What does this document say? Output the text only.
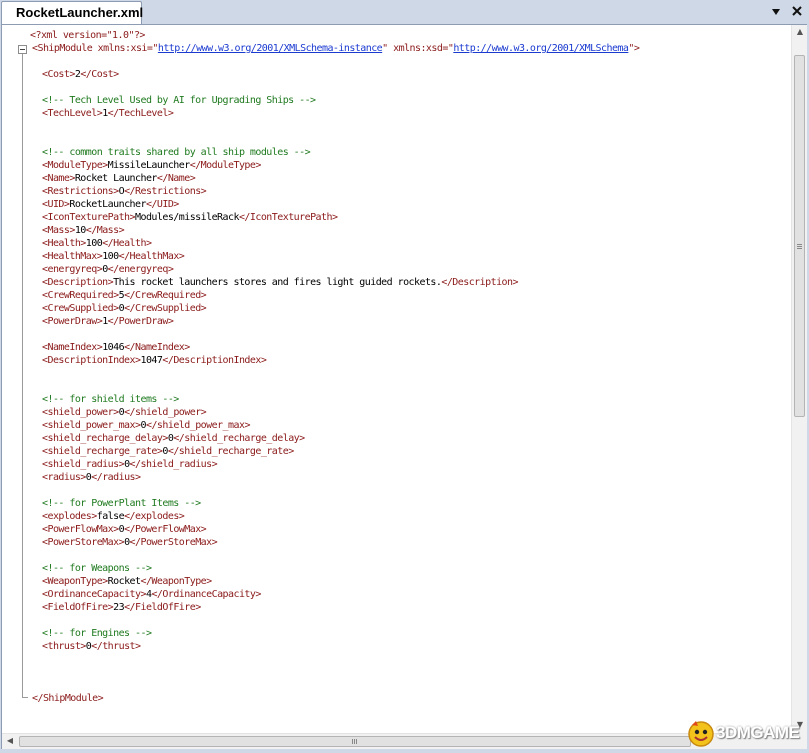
RocketLauncher.xml
<?xml version="1.0"?>
<ShipModule xmlns:xsi="http://www.w3.org/2001/XMLSchema-instance" xmlns:xsd="http://www.w3.org/2001/XMLSchema">
<Cost>2</Cost>
<!-- Tech Level Used by AI for Upgrading Ships -->
<TechLevel>1</TechLevel>
<!-- common traits shared by all ship modules -->
<ModuleType>MissileLauncher</ModuleType>
<Name>Rocket Launcher</Name>
<Restrictions>O</Restrictions>
<UID>RocketLauncher</UID>
<IconTexturePath>Modules/missileRack</IconTexturePath>
<Mass>10</Mass>
<Health>100</Health>
<HealthMax>100</HealthMax>
<energyreq>0</energyreq>
<Description>This rocket launchers stores and fires light guided rockets.</Description>
<CrewRequired>5</CrewRequired>
<CrewSupplied>0</CrewSupplied>
<PowerDraw>1</PowerDraw>
<NameIndex>1046</NameIndex>
<DescriptionIndex>1047</DescriptionIndex>
<!-- for shield items -->
<shield_power>0</shield_power>
<shield_power_max>0</shield_power_max>
<shield_recharge_delay>0</shield_recharge_delay>
<shield_recharge_rate>0</shield_recharge_rate>
<shield_radius>0</shield_radius>
<radius>0</radius>
<!-- for PowerPlant Items -->
<explodes>false</explodes>
<PowerFlowMax>0</PowerFlowMax>
<PowerStoreMax>0</PowerStoreMax>
<!-- for Weapons -->
<WeaponType>Rocket</WeaponType>
<OrdinanceCapacity>4</OrdinanceCapacity>
<FieldOfFire>23</FieldOfFire>
<!-- for Engines -->
<thrust>0</thrust>
</ShipModule>
▲
▼
◀	3DMGAME
